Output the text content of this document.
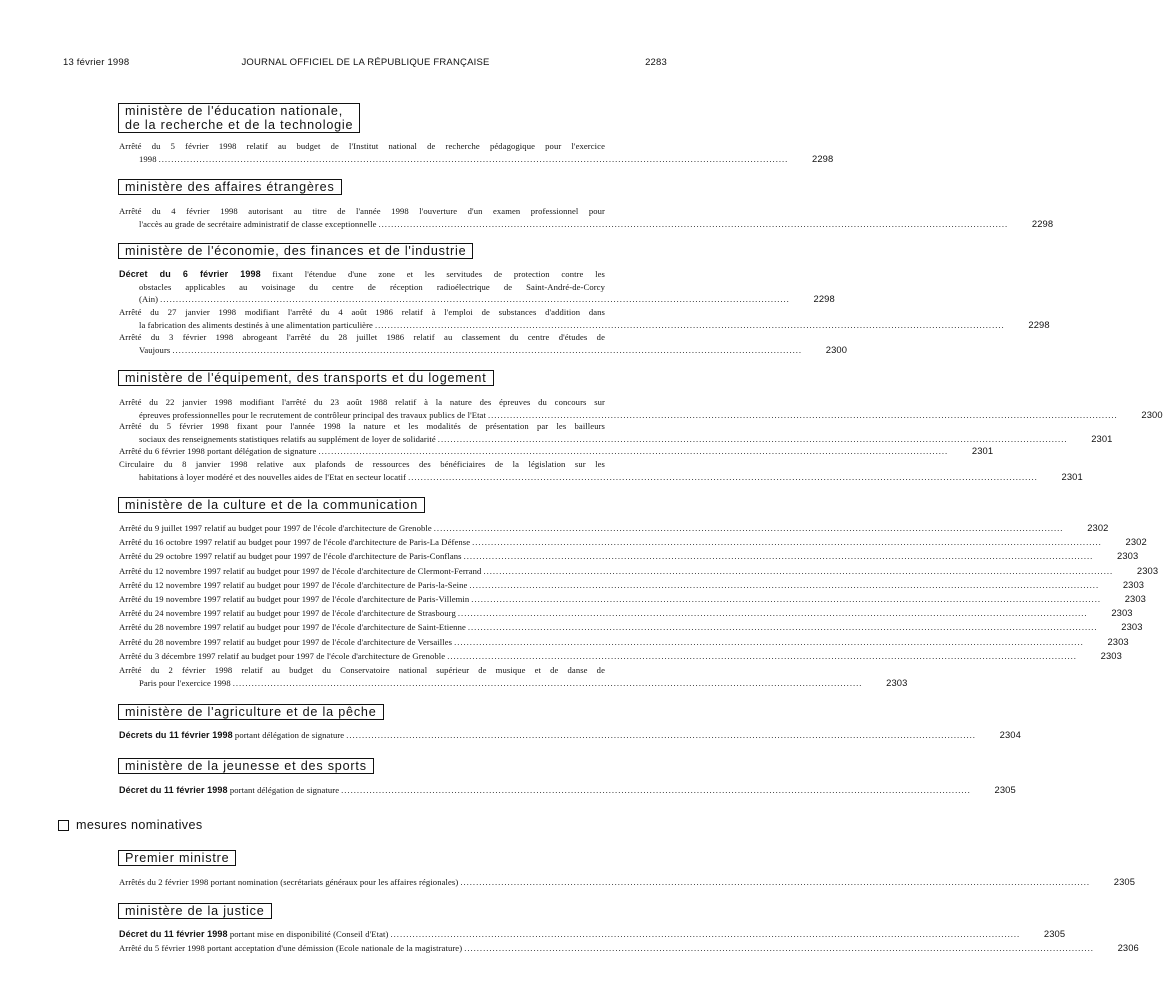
13 février 1998	JOURNAL OFFICIEL DE LA RÉPUBLIQUE FRANÇAISE	2283
ministère de l'éducation nationale,
de la recherche et de la technologie
Arrêté du 5 février 1998 relatif au budget de l'Institut national de recherche pédagogique pour l'exercice
1998 ........................................................................................................................................................................................................	2298
ministère des affaires étrangères
Arrêté du 4 février 1998 autorisant au titre de l'année 1998 l'ouverture d'un examen professionnel pour
l'accès au grade de secrétaire administratif de classe exceptionnelle ........................................................................................................................................................................................................	2298
ministère de l'économie, des finances et de l'industrie
Décret du 6 février 1998 fixant l'étendue d'une zone et les servitudes de protection contre les
obstacles applicables au voisinage du centre de réception radioélectrique de Saint-André-de-Corcy
(Ain) ........................................................................................................................................................................................................	2298
Arrêté du 27 janvier 1998 modifiant l'arrêté du 4 août 1986 relatif à l'emploi de substances d'addition dans
la fabrication des aliments destinés à une alimentation particulière ........................................................................................................................................................................................................	2298
Arrêté du 3 février 1998 abrogeant l'arrêté du 28 juillet 1986 relatif au classement du centre d'études de
Vaujours ........................................................................................................................................................................................................	2300
ministère de l'équipement, des transports et du logement
Arrêté du 22 janvier 1998 modifiant l'arrêté du 23 août 1988 relatif à la nature des épreuves du concours sur
épreuves professionnelles pour le recrutement de contrôleur principal des travaux publics de l'Etat ........................................................................................................................................................................................................	2300
Arrêté du 5 février 1998 fixant pour l'année 1998 la nature et les modalités de présentation par les bailleurs
sociaux des renseignements statistiques relatifs au supplément de loyer de solidarité ........................................................................................................................................................................................................	2301
Arrêté du 6 février 1998 portant délégation de signature ........................................................................................................................................................................................................	2301
Circulaire du 8 janvier 1998 relative aux plafonds de ressources des bénéficiaires de la législation sur les
habitations à loyer modéré et des nouvelles aides de l'Etat en secteur locatif ........................................................................................................................................................................................................	2301
ministère de la culture et de la communication
Arrêté du 9 juillet 1997 relatif au budget pour 1997 de l'école d'architecture de Grenoble ........................................................................................................................................................................................................	2302
Arrêté du 16 octobre 1997 relatif au budget pour 1997 de l'école d'architecture de Paris-La Défense ........................................................................................................................................................................................................	2302
Arrêté du 29 octobre 1997 relatif au budget pour 1997 de l'école d'architecture de Paris-Conflans ........................................................................................................................................................................................................	2303
Arrêté du 12 novembre 1997 relatif au budget pour 1997 de l'école d'architecture de Clermont-Ferrand ........................................................................................................................................................................................................	2303
Arrêté du 12 novembre 1997 relatif au budget pour 1997 de l'école d'architecture de Paris-la-Seine ........................................................................................................................................................................................................	2303
Arrêté du 19 novembre 1997 relatif au budget pour 1997 de l'école d'architecture de Paris-Villemin ........................................................................................................................................................................................................	2303
Arrêté du 24 novembre 1997 relatif au budget pour 1997 de l'école d'architecture de Strasbourg ........................................................................................................................................................................................................	2303
Arrêté du 28 novembre 1997 relatif au budget pour 1997 de l'école d'architecture de Saint-Etienne ........................................................................................................................................................................................................	2303
Arrêté du 28 novembre 1997 relatif au budget pour 1997 de l'école d'architecture de Versailles ........................................................................................................................................................................................................	2303
Arrêté du 3 décembre 1997 relatif au budget pour 1997 de l'école d'architecture de Grenoble ........................................................................................................................................................................................................	2303
Arrêté du 2 février 1998 relatif au budget du Conservatoire national supérieur de musique et de danse de
Paris pour l'exercice 1998 ........................................................................................................................................................................................................	2303
ministère de l'agriculture et de la pêche
Décrets du 11 février 1998 portant délégation de signature ........................................................................................................................................................................................................	2304
ministère de la jeunesse et des sports
Décret du 11 février 1998 portant délégation de signature ........................................................................................................................................................................................................	2305
mesures nominatives
Premier ministre
Arrêtés du 2 février 1998 portant nomination (secrétariats généraux pour les affaires régionales) ........................................................................................................................................................................................................	2305
ministère de la justice
Décret du 11 février 1998 portant mise en disponibilité (Conseil d'Etat) ........................................................................................................................................................................................................	2305
Arrêté du 5 février 1998 portant acceptation d'une démission (Ecole nationale de la magistrature) ........................................................................................................................................................................................................	2306
